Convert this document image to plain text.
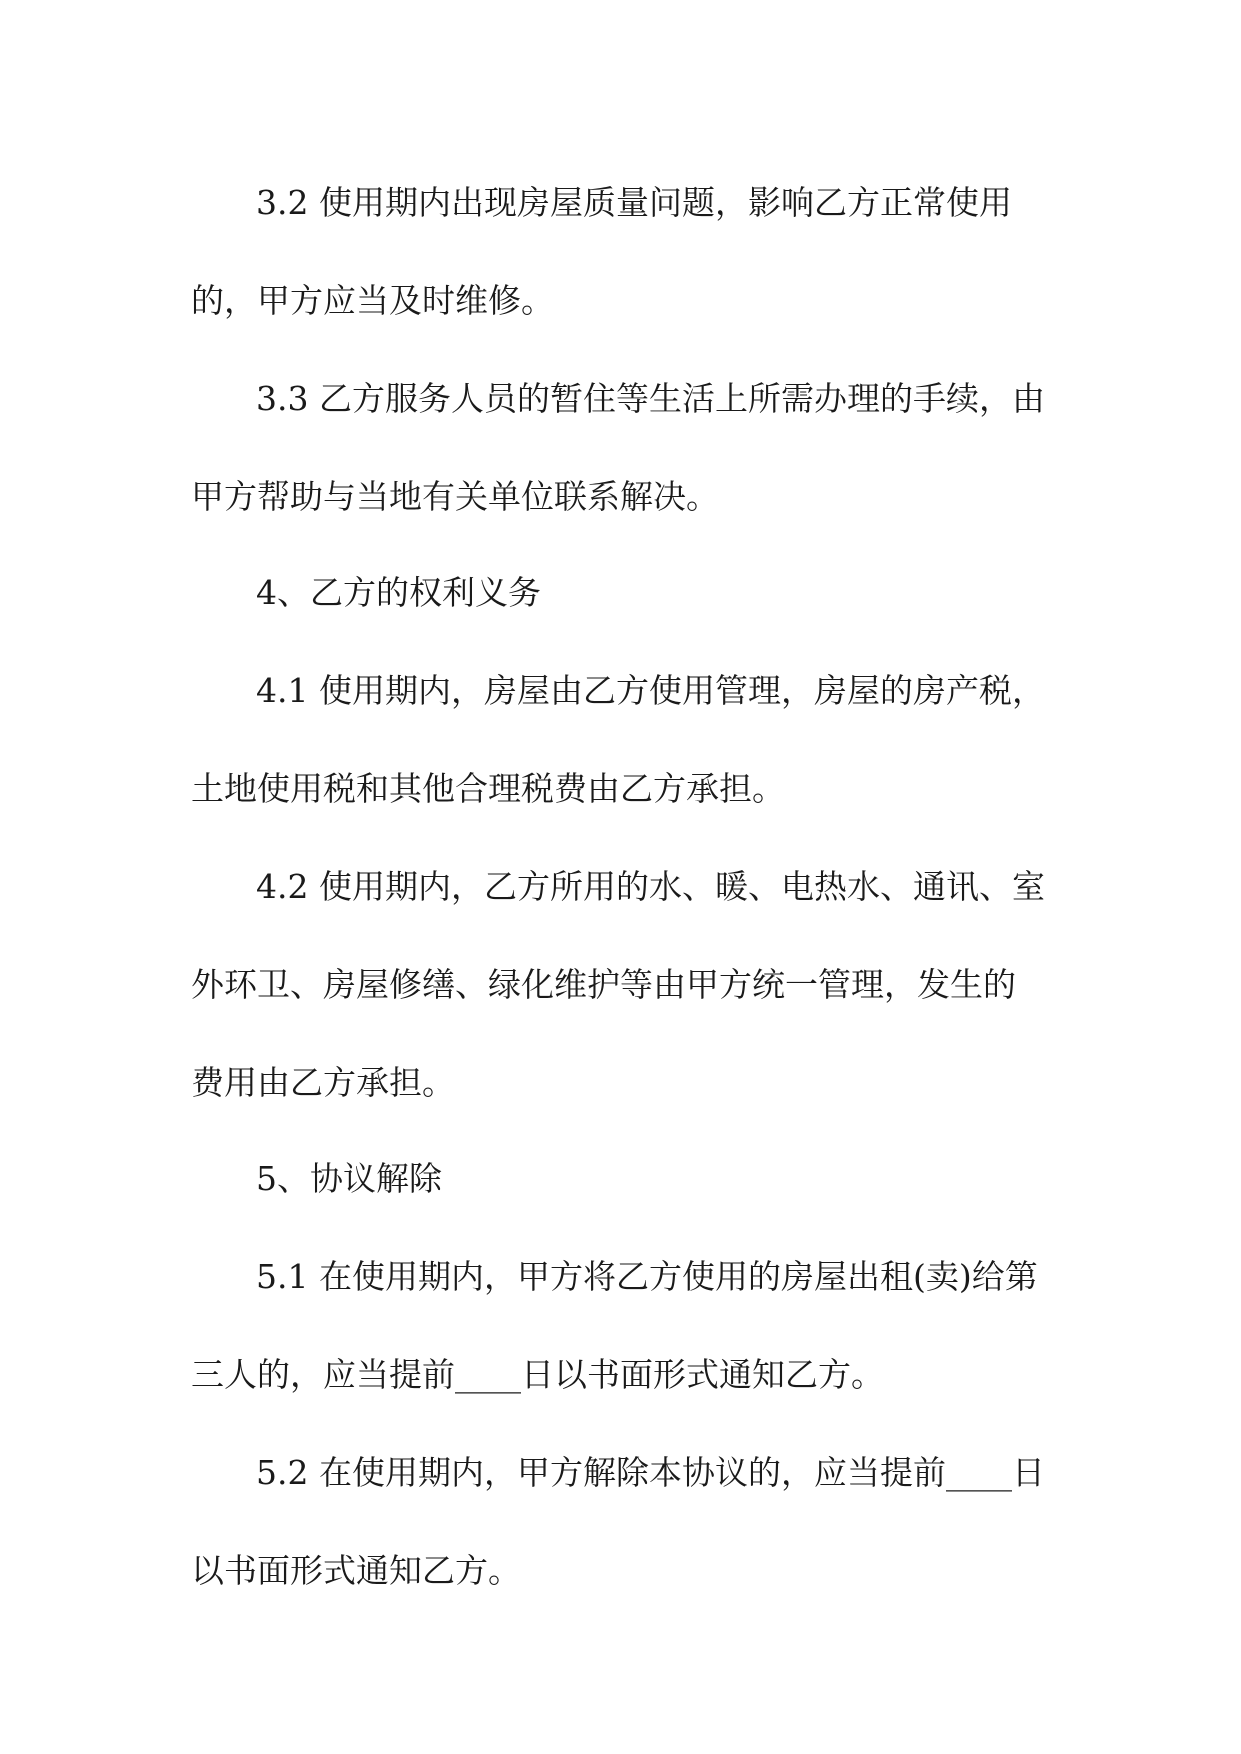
3.2 使用期内出现房屋质量问题，影响乙方正常使用

的，甲方应当及时维修。

3.3 乙方服务人员的暂住等生活上所需办理的手续，由

甲方帮助与当地有关单位联系解决。

4、乙方的权利义务

4.1 使用期内，房屋由乙方使用管理，房屋的房产税，

土地使用税和其他合理税费由乙方承担。

4.2 使用期内，乙方所用的水、暖、电热水、通讯、室

外环卫、房屋修缮、绿化维护等由甲方统一管理，发生的

费用由乙方承担。

5、协议解除

5.1 在使用期内，甲方将乙方使用的房屋出租(卖)给第

三人的，应当提前____日以书面形式通知乙方。

5.2 在使用期内，甲方解除本协议的，应当提前____日

以书面形式通知乙方。
